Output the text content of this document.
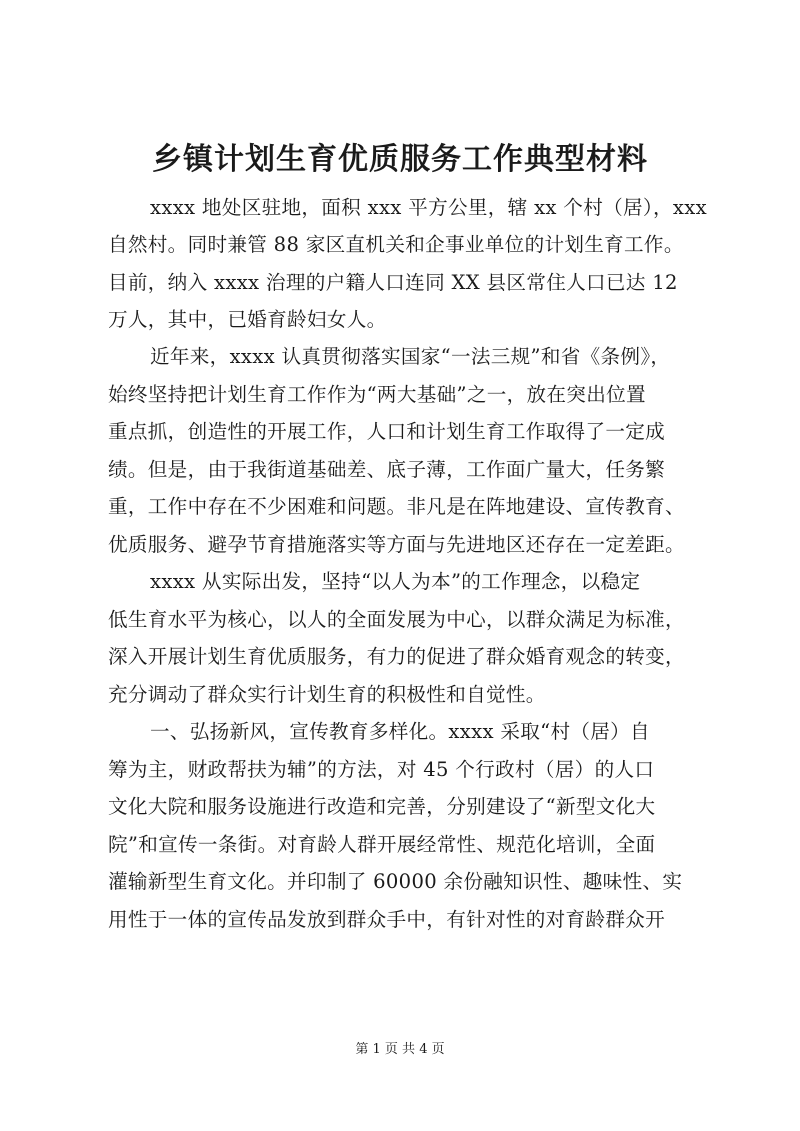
乡镇计划生育优质服务工作典型材料
xxxx 地处区驻地，面积 xxx 平方公里，辖 xx 个村（居），xxx
自然村。同时兼管 88 家区直机关和企事业单位的计划生育工作。
目前，纳入 xxxx 治理的户籍人口连同 XX 县区常住人口已达 12
万人，其中，已婚育龄妇女人。
近年来，xxxx 认真贯彻落实国家“一法三规”和省《条例》，
始终坚持把计划生育工作作为“两大基础”之一，放在突出位置
重点抓，创造性的开展工作，人口和计划生育工作取得了一定成
绩。但是，由于我街道基础差、底子薄，工作面广量大，任务繁
重，工作中存在不少困难和问题。非凡是在阵地建设、宣传教育、
优质服务、避孕节育措施落实等方面与先进地区还存在一定差距。
xxxx 从实际出发，坚持“以人为本”的工作理念，以稳定
低生育水平为核心，以人的全面发展为中心，以群众满足为标准，
深入开展计划生育优质服务，有力的促进了群众婚育观念的转变，
充分调动了群众实行计划生育的积极性和自觉性。
一、弘扬新风，宣传教育多样化。xxxx 采取“村（居）自
筹为主，财政帮扶为辅”的方法，对 45 个行政村（居）的人口
文化大院和服务设施进行改造和完善，分别建设了“新型文化大
院”和宣传一条街。对育龄人群开展经常性、规范化培训，全面
灌输新型生育文化。并印制了 60000 余份融知识性、趣味性、实
用性于一体的宣传品发放到群众手中，有针对性的对育龄群众开
第 1 页 共 4 页
